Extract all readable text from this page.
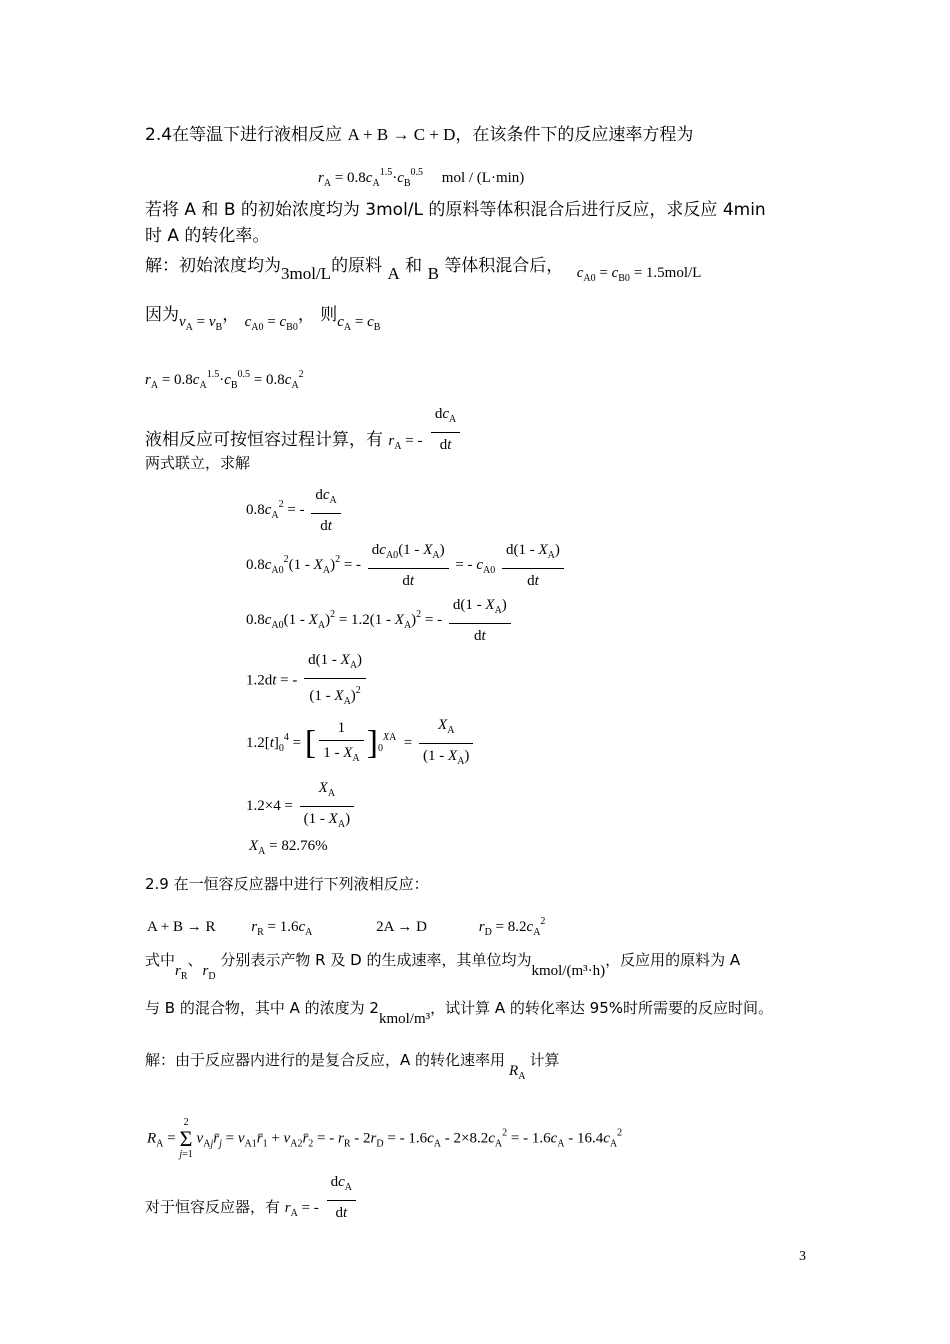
2.4在等温下进行液相反应 A + B → C + D，在该条件下的反应速率方程为
$r_A = 0.8c_A^{1.5}\cdot c_B^{0.5}$     mol / (L·min)
若将 A 和 B 的初始浓度均为 3mol/L 的原料等体积混合后进行反应，求反应 4min
时 A 的转化率。
解：初始浓度均为3mol/L的原料 A 和 B 等体积混合后， $c_{A0} = c_{B0} = 1.5mol/L$
因为$\nu_A = \nu_B$， $c_{A0} = c_{B0}$， 则$c_A = c_B$
$r_A = 0.8c_A^{1.5}\cdot c_B^{0.5} = 0.8c_A^2$
液相反应可按恒容过程计算，有 $r_A$ = - $\frac{dc_A}{dt}$
两式联立，求解
$0.8c_A^2$ = - $\frac{dc_A}{dt}$
$0.8c_{A0}^2(1 - X_A)^2$ = - $\frac{dc_{A0}(1 - X_A)}{dt}$ = - $c_{A0} \frac{d(1 - X_A)}{dt}$
$0.8c_{A0}(1 - X_A)^2 = 1.2(1 - X_A)^2$ = - $\frac{d(1 - X_A)}{dt}$
1.2dt = - $\frac{d(1 - X_A)}{(1 - X_A)^2}$
$1.2[t]_0^4$ = [ $\frac{1}{1 - X_A} ]_0^{XA} = \frac{X_A}{(1 - X_A)}$
$1.2\times 4 = \frac{X_A}{(1 - X_A)}$
$X_A = 82.76\%$
2.9 在一恒容反应器中进行下列液相反应：
A + B → R $r_R = 1.6c_A$	2A → D	$r_D = 8.2c_A^2$
式中$r_R$、$r_D$ 分别表示产物 R 及 D 的生成速率，其单位均为kmol/(m³·h)，反应用的原料为 A
与 B 的混合物，其中 A 的浓度为 2kmol/m³，试计算 A 的转化率达 95%时所需要的反应时间。
解：由于反应器内进行的是复合反应，A 的转化速率用$R_A$计算
$R_A$ =
2
Σ
j=1
$\nu_{Aj}r̄_j$ = $\nu_{A1}r̄_1$ + $\nu_{A2}r̄_2$ = - $r_R - 2r_D$ = - $1.6c_A - 2\times 8.2c_A^2$ = - $1.6c_A - 16.4c_A^2$
对于恒容反应器，有 $r_A$ = - $\frac{dc_A}{dt}$
3
